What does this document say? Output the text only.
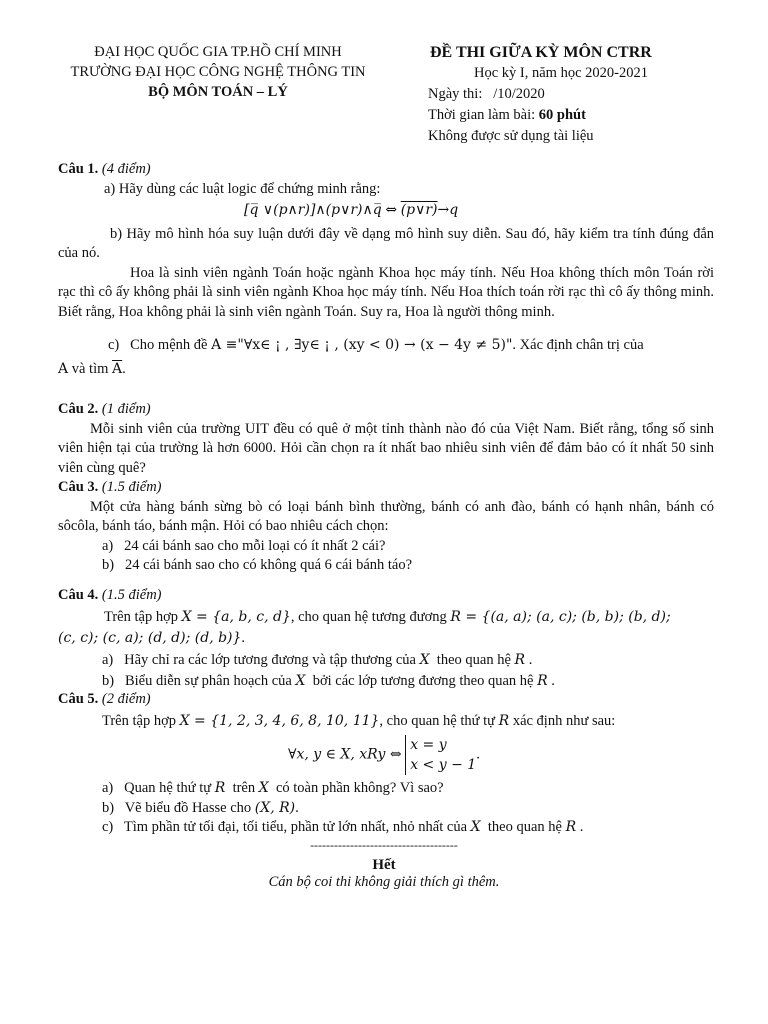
ĐẠI HỌC QUỐC GIA TP.HỒ CHÍ MINH
TRƯỜNG ĐẠI HỌC CÔNG NGHỆ THÔNG TIN
BỘ MÔN TOÁN – LÝ
ĐỀ THI GIỮA KỲ MÔN CTRR
Học kỳ I, năm học 2020-2021
Ngày thi:   /10/2020
Thời gian làm bài: 60 phút
Không được sử dụng tài liệu
Câu 1. (4 điểm)
a) Hãy dùng các luật logic để chứng minh rằng:
[q̅ ∨(p∧r)]∧(p∨r)∧q̅ ⇔ (p∨r)→q
b) Hãy mô hình hóa suy luận dưới đây về dạng mô hình suy diễn. Sau đó, hãy kiểm tra tính đúng đắn của nó.
Hoa là sinh viên ngành Toán hoặc ngành Khoa học máy tính. Nếu Hoa không thích môn Toán rời rạc thì cô ấy không phải là sinh viên ngành Khoa học máy tính. Nếu Hoa thích toán rời rạc thì cô ấy thông minh. Biết rằng, Hoa không phải là sinh viên ngành Toán. Suy ra, Hoa là người thông minh.
c)   Cho mệnh đề A ≡"∀x∈ ¡ , ∃y∈ ¡ , (xy < 0) → (x − 4y ≠ 5)". Xác định chân trị của
A và tìm $\overline{A}$.
Câu 2. (1 điểm)
Mỗi sinh viên của trường UIT đều có quê ở một tỉnh thành nào đó của Việt Nam. Biết rằng, tổng số sinh viên hiện tại của trường là hơn 6000. Hỏi cần chọn ra ít nhất bao nhiêu sinh viên để đảm bảo có ít nhất 50 sinh viên cùng quê?
Câu 3. (1.5 điểm)
Một cửa hàng bánh sừng bò có loại bánh bình thường, bánh có anh đào, bánh có hạnh nhân, bánh có sôcôla, bánh táo, bánh mận. Hỏi có bao nhiêu cách chọn:
a)   24 cái bánh sao cho mỗi loại có ít nhất 2 cái?
b)   24 cái bánh sao cho có không quá 6 cái bánh táo?
Câu 4. (1.5 điểm)
Trên tập hợp X = {a, b, c, d}, cho quan hệ tương đương R = {(a, a); (a, c); (b, b); (b, d);
(c, c); (c, a); (d, d); (d, b)}.
a)   Hãy chỉ ra các lớp tương đương và tập thương của X  theo quan hệ R .
b)   Biểu diễn sự phân hoạch của X  bởi các lớp tương đương theo quan hệ R .
Câu 5. (2 điểm)
Trên tập hợp X = {1, 2, 3, 4, 6, 8, 10, 11}, cho quan hệ thứ tự R xác định như sau:
∀x, y ∈ X, xRy ⇔
x = y
x < y − 1
.
a)   Quan hệ thứ tự R  trên X  có toàn phần không? Vì sao?
b)   Vẽ biểu đồ Hasse cho (X, R).
c)   Tìm phần tử tối đại, tối tiểu, phần tử lớn nhất, nhỏ nhất của X  theo quan hệ R .
-------------------------------------
Hết
Cán bộ coi thi không giải thích gì thêm.
